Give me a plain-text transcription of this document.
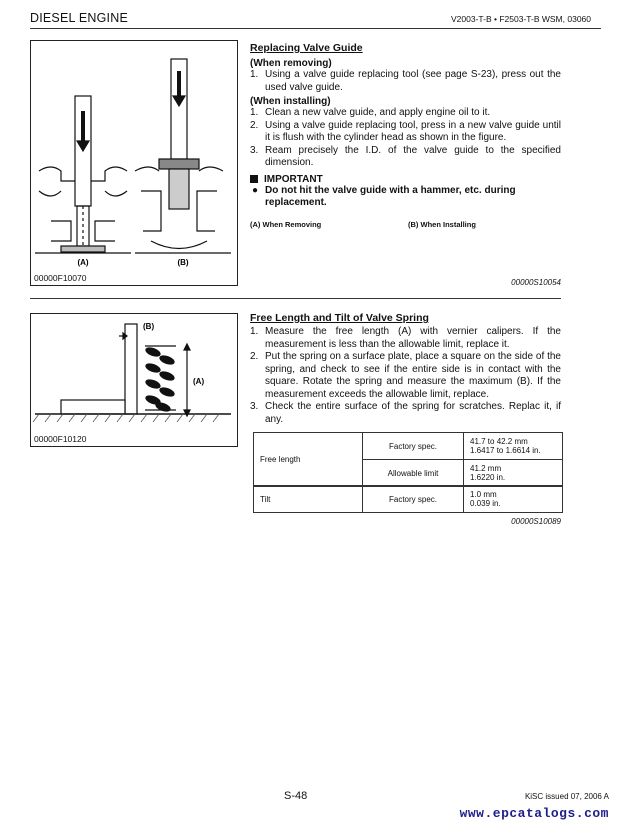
DIESEL ENGINE	V2003-T-B • F2503-T-B WSM, 03060
(A)	(B)
00000F10070
Replacing Valve Guide
(When removing)
1. Using a valve guide replacing tool (see page S-23), press out the used valve guide.
(When installing)
1. Clean a new valve guide, and apply engine oil to it.
2. Using a valve guide replacing tool, press in a new valve guide until it is flush with the cylinder head as shown in the figure.
3. Ream precisely the I.D. of the valve guide to the specified dimension.
IMPORTANT
● Do not hit the valve guide with a hammer, etc. during replacement.
(A) When Removing	(B) When Installing
00000S10054
(B)
(A)
00000F10120
Free Length and Tilt of Valve Spring
1. Measure the free length (A) with vernier calipers. If the measurement is less than the allowable limit, replace it.
2. Put the spring on a surface plate, place a square on the side of the spring, and check to see if the entire side is in contact with the square. Rotate the spring and measure the maximum (B). If the measurement exceeds the allowable limit, replace.
3. Check the entire surface of the spring for scratches. Replac it, if any.
Free length	Factory spec.	41.7 to 42.2 mm
1.6417 to 1.6614 in.

	Allowable limit	41.2 mm
1.6220 in.
Tilt	Factory spec.	1.0 mm
0.039 in.
00000S10089
S-48	KiSC issued 07, 2006 A
www.epcatalogs.com
